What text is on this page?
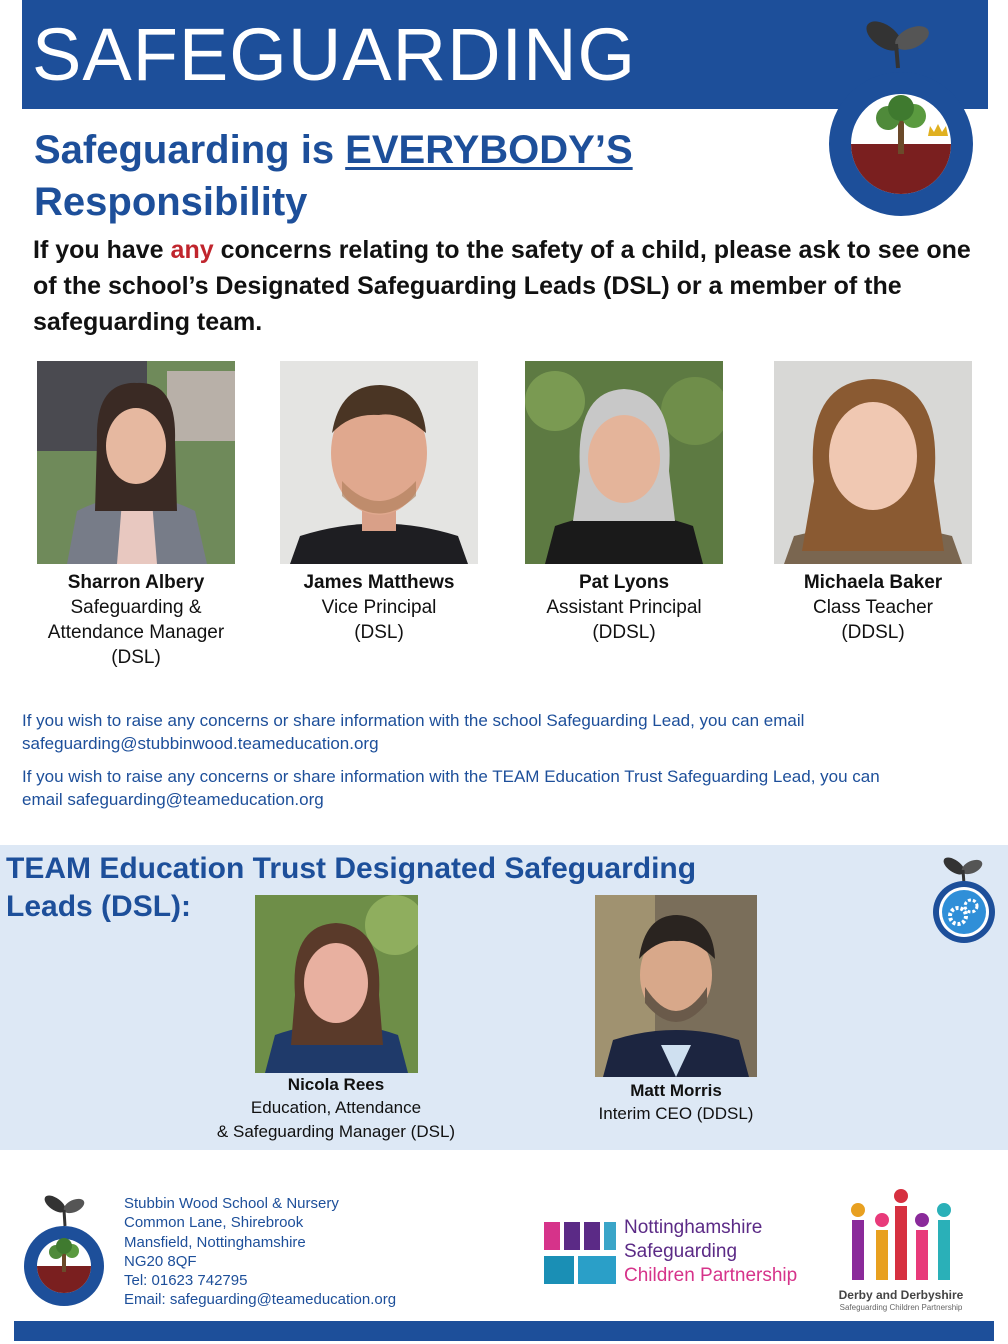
SAFEGUARDING
Safeguarding is EVERYBODY’S
Responsibility
If you have any concerns relating to the safety of a child, please ask to see one of the school’s Designated Safeguarding Leads (DSL) or a member of the safeguarding team.
Sharron Albery
Safeguarding &
Attendance Manager
(DSL)
James Matthews
Vice Principal
(DSL)
Pat Lyons
Assistant Principal
(DDSL)
Michaela Baker
Class Teacher
(DDSL)
If you wish to raise any concerns or share information with the school Safeguarding Lead, you can email
safeguarding@stubbinwood.teameducation.org
If you wish to raise any concerns or share information with the TEAM Education Trust Safeguarding Lead, you can
email safeguarding@teameducation.org
TEAM Education Trust Designated Safeguarding
Leads (DSL):
Nicola Rees
Education, Attendance
& Safeguarding Manager (DSL)
Matt Morris
Interim CEO (DDSL)
Stubbin Wood School & Nursery
Common Lane, Shirebrook
Mansfield, Nottinghamshire
NG20 8QF
Tel: 01623 742795
Email: safeguarding@teameducation.org
Nottinghamshire
Safeguarding
Children Partnership
Derby and Derbyshire
Safeguarding Children Partnership
